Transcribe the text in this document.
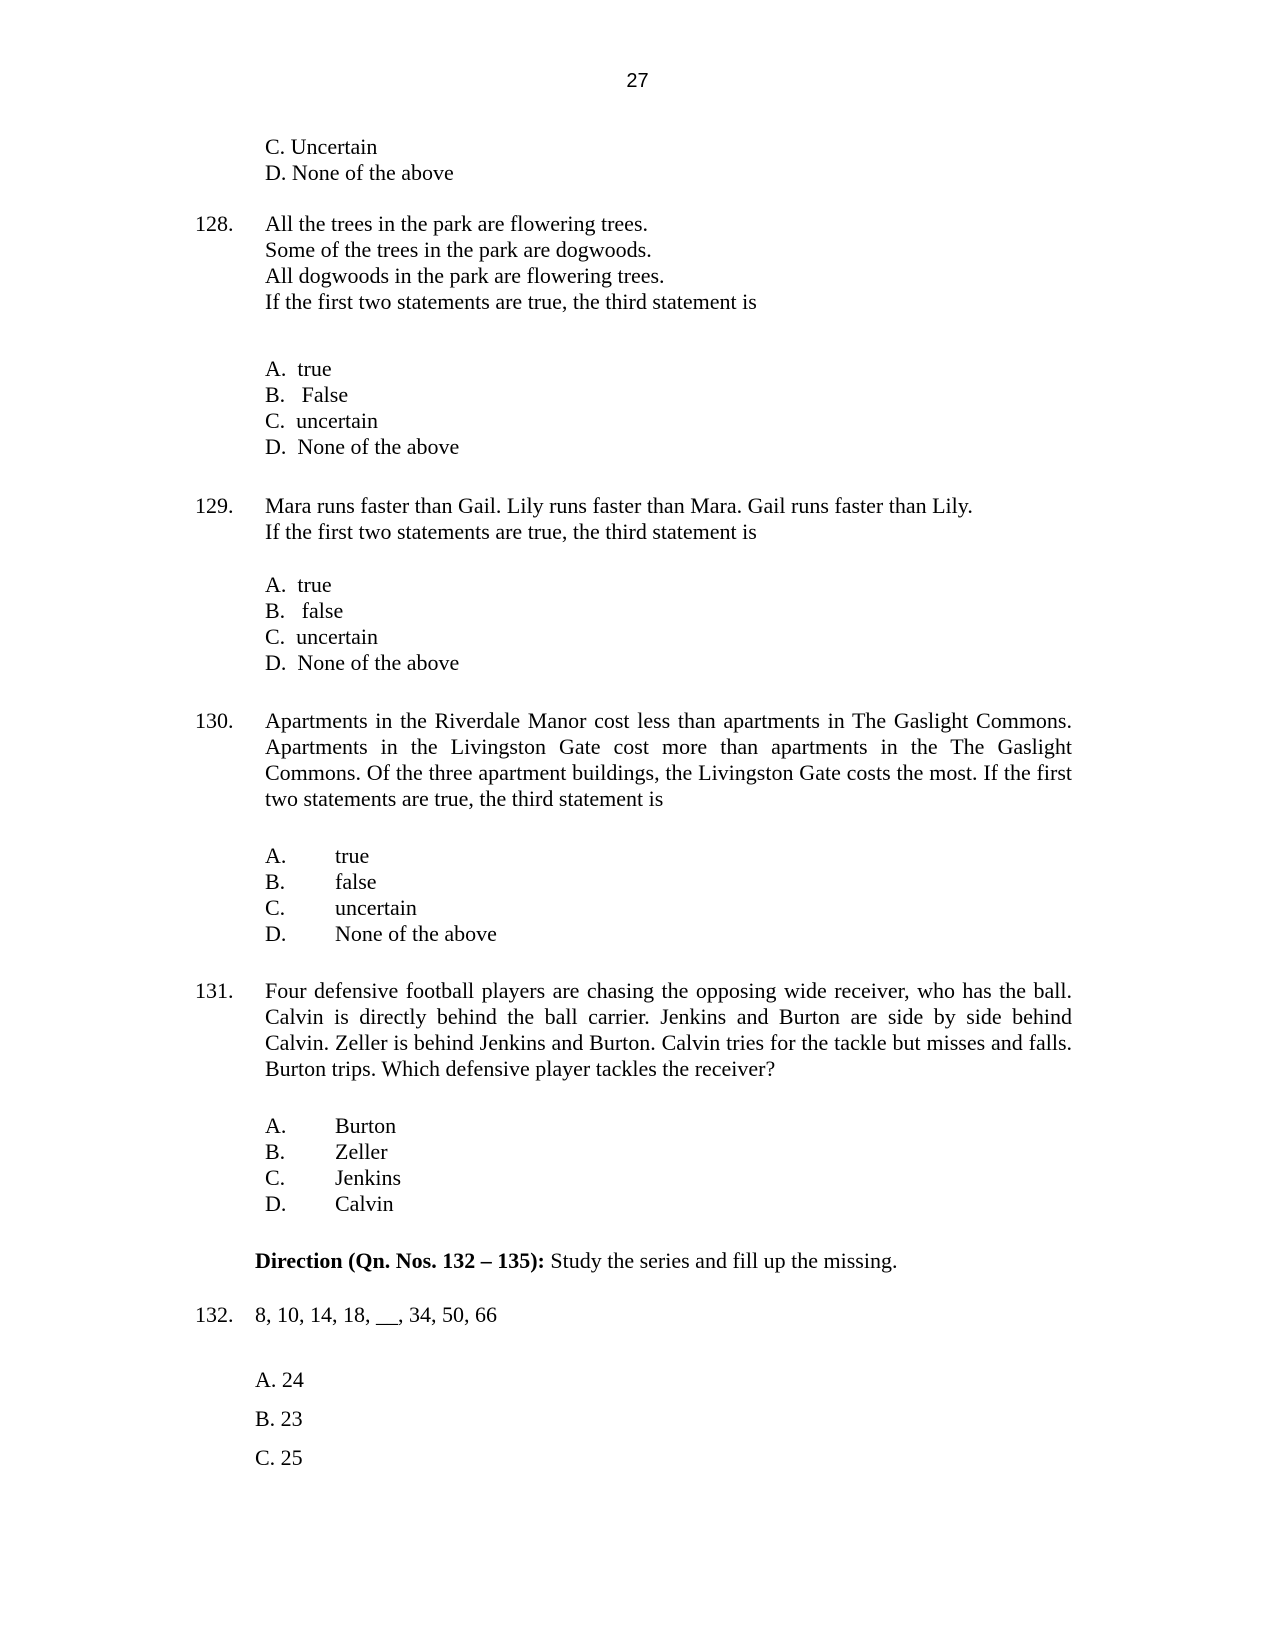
27
C. Uncertain
D. None of the above
128. All the trees in the park are flowering trees.
Some of the trees in the park are dogwoods.
All dogwoods in the park are flowering trees.
If the first two statements are true, the third statement is
A.  true
B.   False
C.  uncertain
D.  None of the above
129. Mara runs faster than Gail. Lily runs faster than Mara. Gail runs faster than Lily.
If the first two statements are true, the third statement is
A.  true
B.   false
C.  uncertain
D.  None of the above
130. Apartments in the Riverdale Manor cost less than apartments in The Gaslight Commons. Apartments in the Livingston Gate cost more than apartments in the The Gaslight Commons. Of the three apartment buildings, the Livingston Gate costs the most. If the first two statements are true, the third statement is
A. true
B. false
C. uncertain
D. None of the above
131. Four defensive football players are chasing the opposing wide receiver, who has the ball. Calvin is directly behind the ball carrier. Jenkins and Burton are side by side behind Calvin. Zeller is behind Jenkins and Burton. Calvin tries for the tackle but misses and falls. Burton trips. Which defensive player tackles the receiver?
A. Burton
B. Zeller
C. Jenkins
D. Calvin
Direction (Qn. Nos. 132 – 135): Study the series and fill up the missing.
132. 8, 10, 14, 18, __, 34, 50, 66
A. 24
B. 23
C. 25
